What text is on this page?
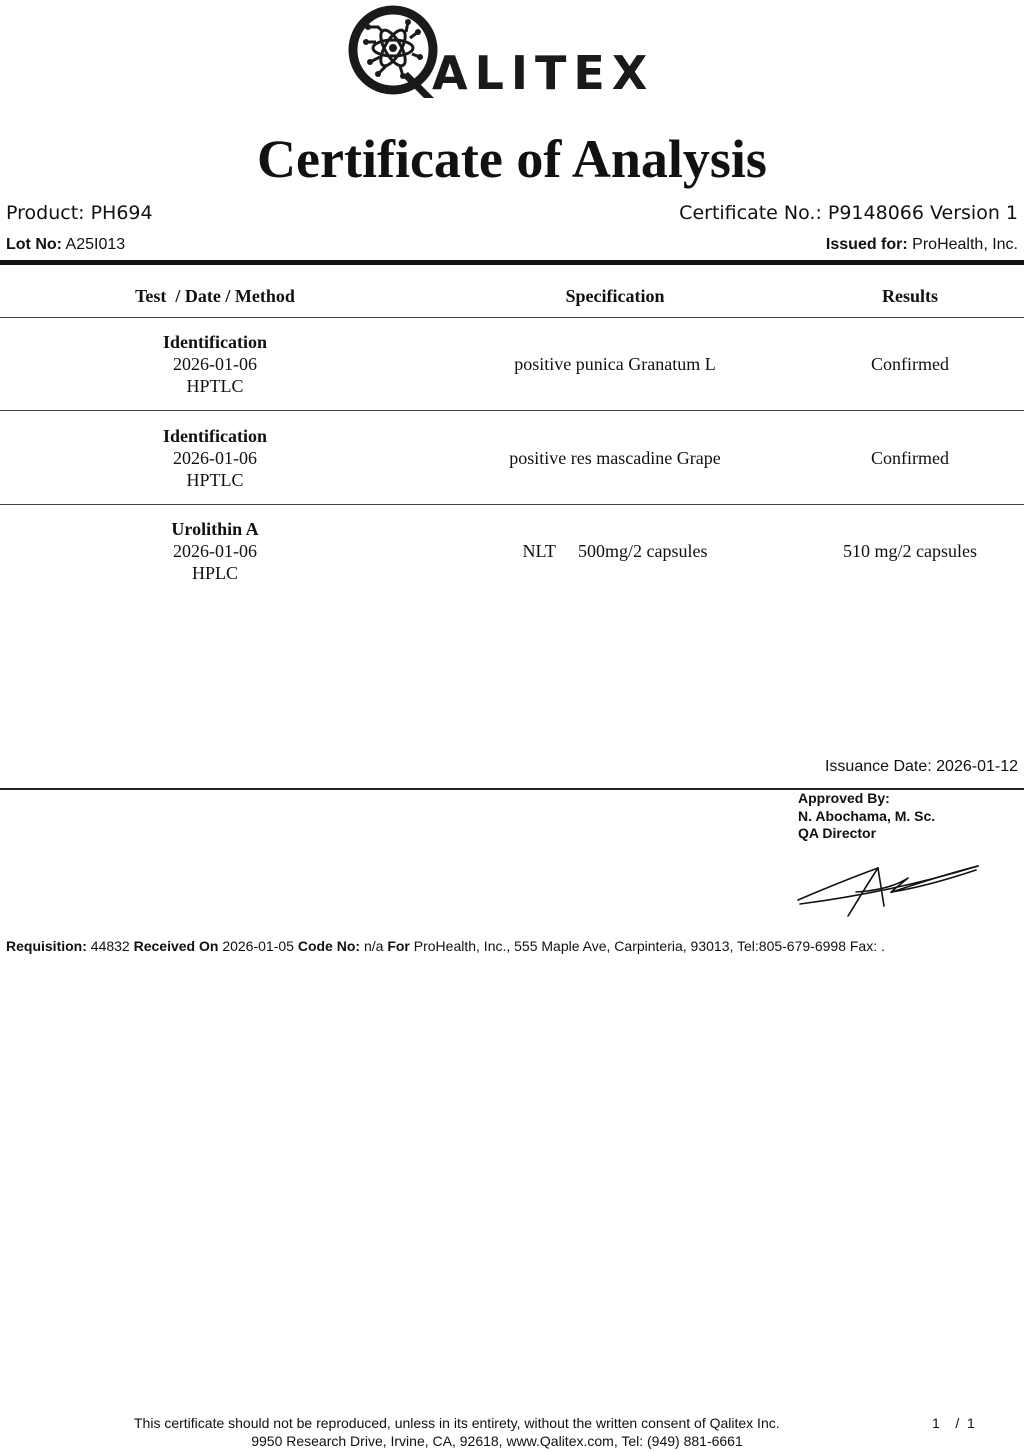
ALITEX
Certificate of Analysis
Product: PH694	Certificate No.: P9148066 Version 1
Lot No: A25I013	Issued for: ProHealth, Inc.
Test  / Date / Method	Specification	Results
Identification
2026-01-06
HPTLC
positive punica Granatum L	Confirmed
Identification
2026-01-06
HPTLC
positive res mascadine Grape	Confirmed
Urolithin A
2026-01-06
HPLC
NLT     500mg/2 capsules	510 mg/2 capsules
Issuance Date: 2026-01-12
Approved By:
N. Abochama, M. Sc.
QA Director
Requisition: 44832 Received On 2026-01-05 Code No: n/a For ProHealth, Inc., 555 Maple Ave, Carpinteria, 93013, Tel:805-679-6998 Fax: .
This certificate should not be reproduced, unless in its entirety, without the written consent of Qalitex Inc.	1    /  1
9950 Research Drive, Irvine, CA, 92618, www.Qalitex.com, Tel: (949) 881-6661
